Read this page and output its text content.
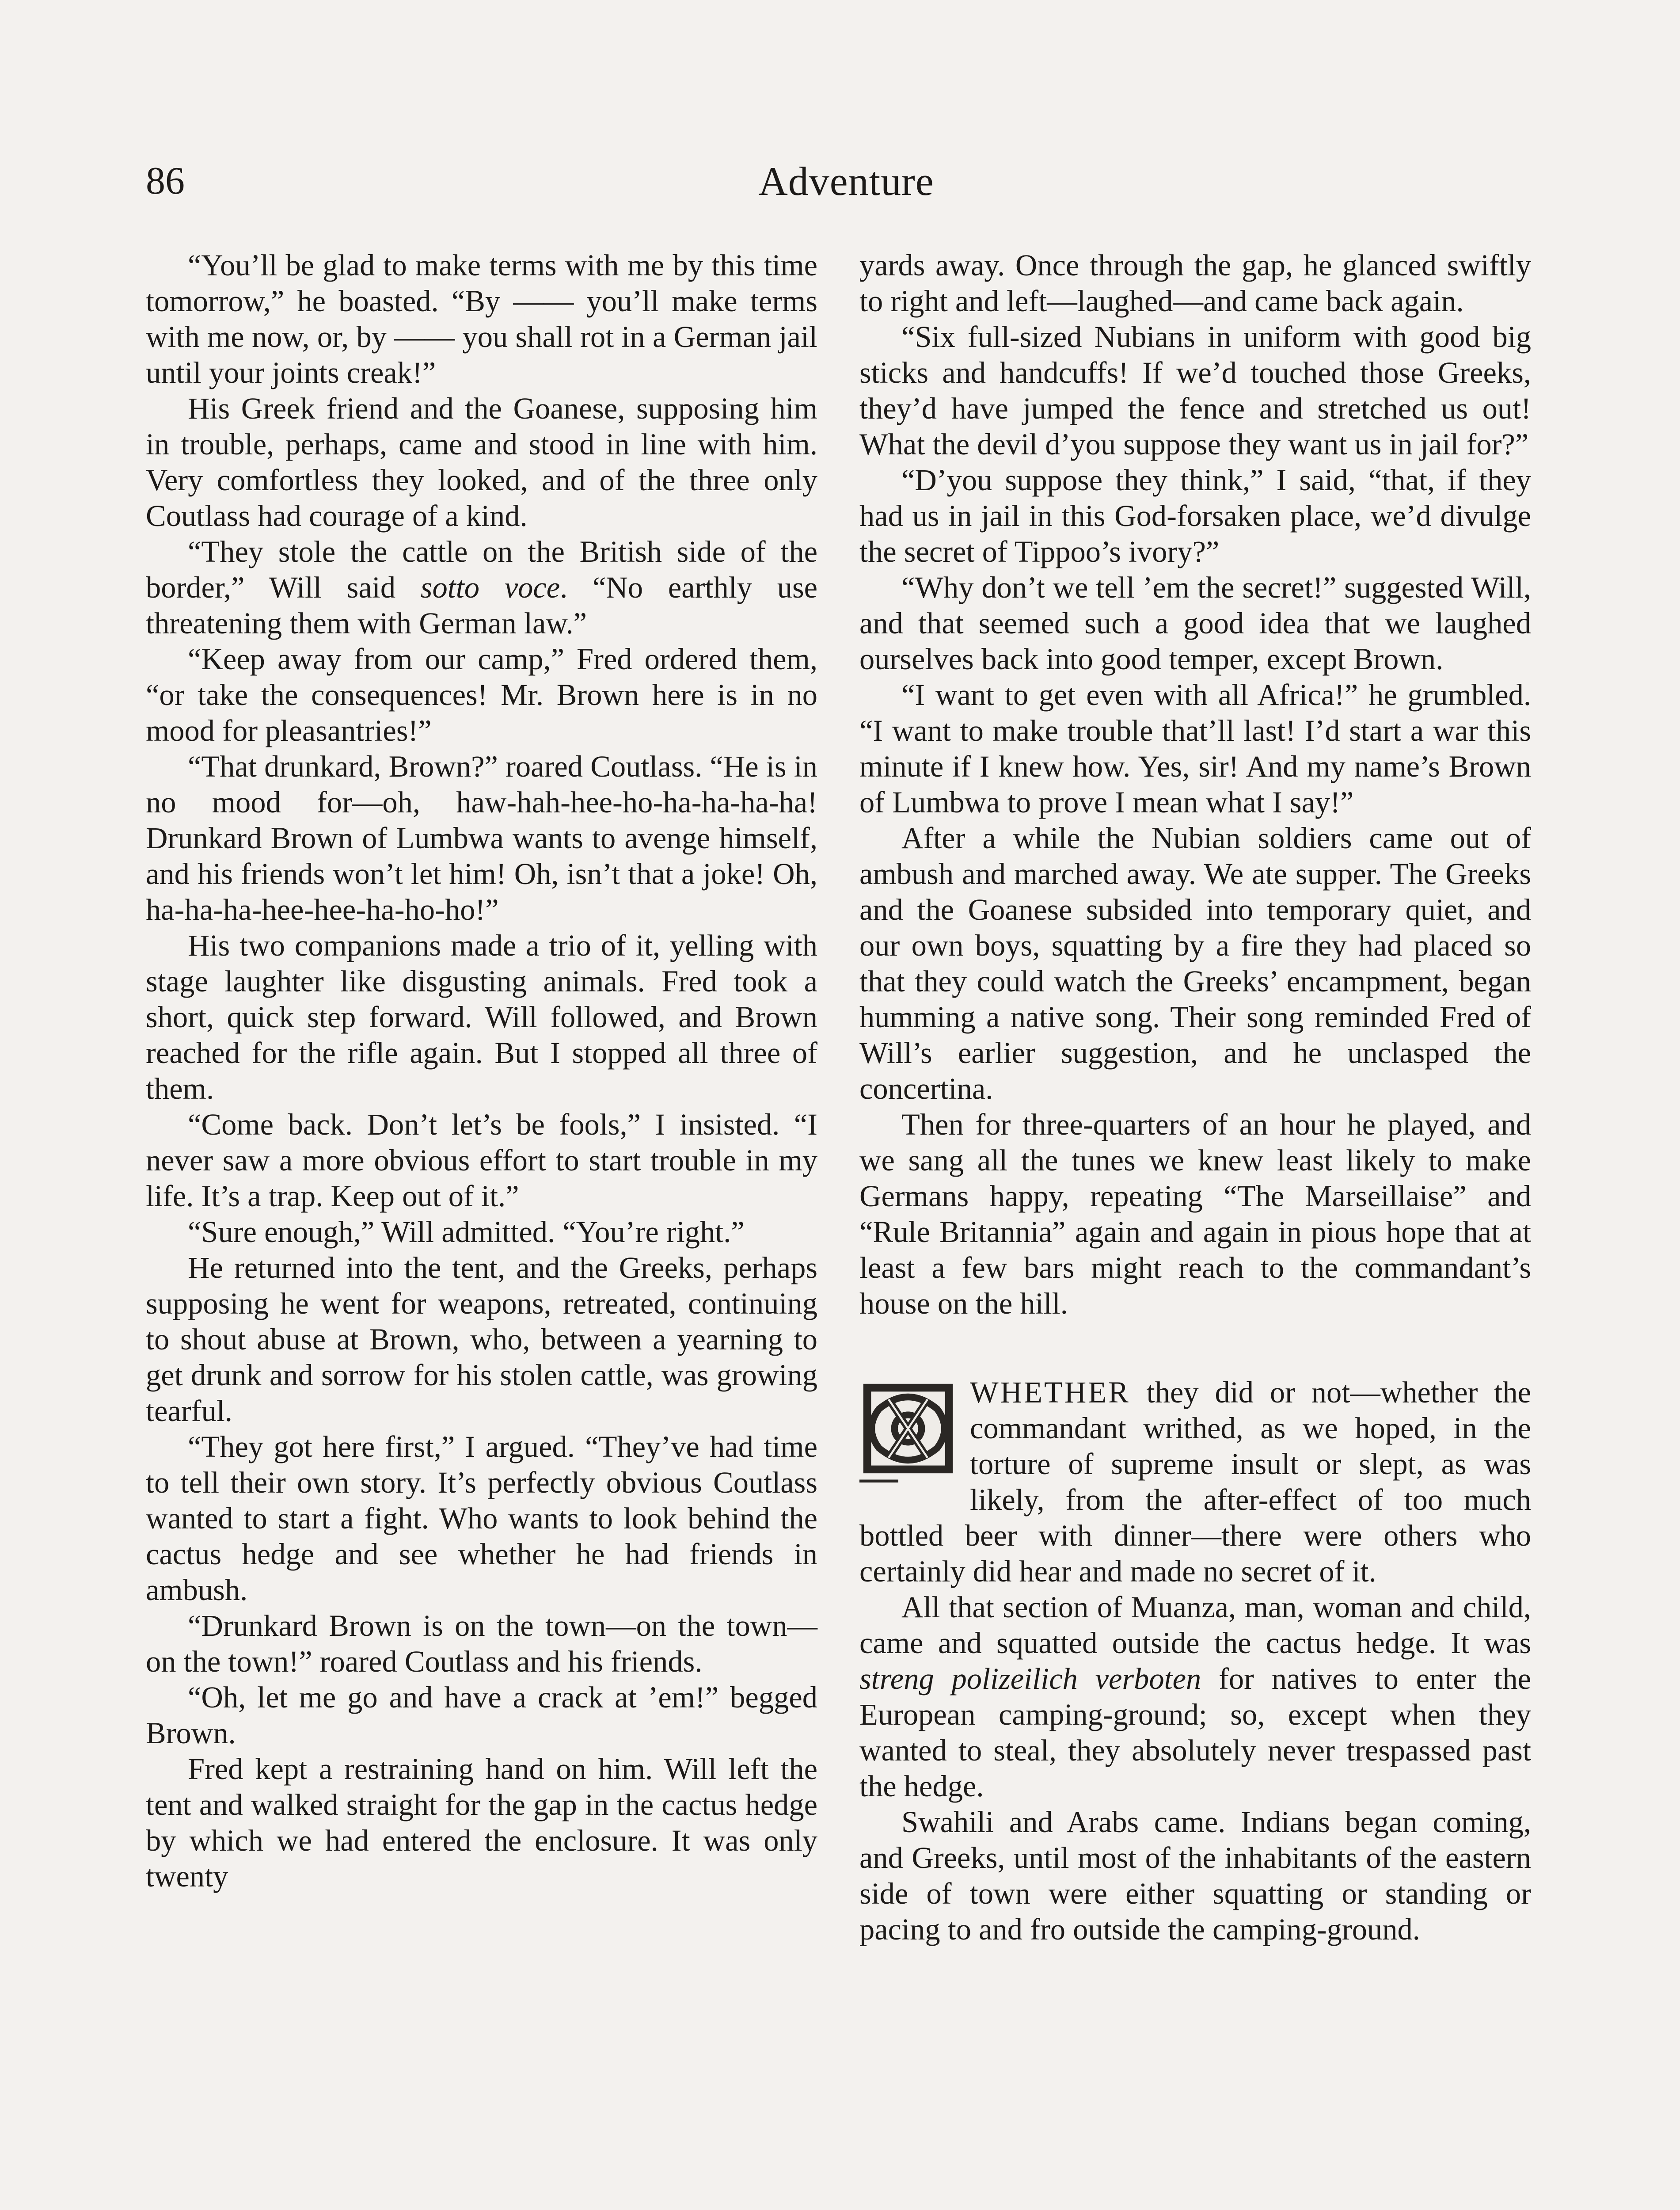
86	Adventure

“You’ll be glad to make terms with me by this time tomorrow,” he boasted. “By —— you’ll make terms with me now, or, by —— you shall rot in a German jail until your joints creak!”

His Greek friend and the Goanese, supposing him in trouble, perhaps, came and stood in line with him. Very comfortless they looked, and of the three only Coutlass had courage of a kind.

“They stole the cattle on the British side of the border,” Will said sotto voce. “No earthly use threatening them with German law.”

“Keep away from our camp,” Fred ordered them, “or take the consequences! Mr. Brown here is in no mood for pleasantries!”

“That drunkard, Brown?” roared Coutlass. “He is in no mood for—oh, haw-hah-hee-ho-ha-ha-ha-ha! Drunkard Brown of Lumbwa wants to avenge himself, and his friends won’t let him! Oh, isn’t that a joke! Oh, ha-ha-ha-hee-hee-ha-ho-ho!”

His two companions made a trio of it, yelling with stage laughter like disgusting animals. Fred took a short, quick step forward. Will followed, and Brown reached for the rifle again. But I stopped all three of them.

“Come back. Don’t let’s be fools,” I insisted. “I never saw a more obvious effort to start trouble in my life. It’s a trap. Keep out of it.”

“Sure enough,” Will admitted. “You’re right.”

He returned into the tent, and the Greeks, perhaps supposing he went for weapons, retreated, continuing to shout abuse at Brown, who, between a yearning to get drunk and sorrow for his stolen cattle, was growing tearful.

“They got here first,” I argued. “They’ve had time to tell their own story. It’s perfectly obvious Coutlass wanted to start a fight. Who wants to look behind the cactus hedge and see whether he had friends in ambush.

“Drunkard Brown is on the town—on the town—on the town!” roared Coutlass and his friends.

“Oh, let me go and have a crack at ’em!” begged Brown.

Fred kept a restraining hand on him. Will left the tent and walked straight for the gap in the cactus hedge by which we had entered the enclosure. It was only twenty

yards away. Once through the gap, he glanced swiftly to right and left—laughed—and came back again.

“Six full-sized Nubians in uniform with good big sticks and handcuffs! If we’d touched those Greeks, they’d have jumped the fence and stretched us out! What the devil d’you suppose they want us in jail for?”

“D’you suppose they think,” I said, “that, if they had us in jail in this God-forsaken place, we’d divulge the secret of Tippoo’s ivory?”

“Why don’t we tell ’em the secret!” suggested Will, and that seemed such a good idea that we laughed ourselves back into good temper, except Brown.

“I want to get even with all Africa!” he grumbled. “I want to make trouble that’ll last! I’d start a war this minute if I knew how. Yes, sir! And my name’s Brown of Lumbwa to prove I mean what I say!”

After a while the Nubian soldiers came out of ambush and marched away. We ate supper. The Greeks and the Goanese subsided into temporary quiet, and our own boys, squatting by a fire they had placed so that they could watch the Greeks’ encampment, began humming a native song. Their song reminded Fred of Will’s earlier suggestion, and he unclasped the concertina.

Then for three-quarters of an hour he played, and we sang all the tunes we knew least likely to make Germans happy, repeating “The Marseillaise” and “Rule Britannia” again and again in pious hope that at least a few bars might reach to the commandant’s house on the hill.

WHETHER they did or not—whether the commandant writhed, as we hoped, in the torture of supreme insult or slept, as was likely, from the after-effect of too much bottled beer with dinner—there were others who certainly did hear and made no secret of it.

All that section of Muanza, man, woman and child, came and squatted outside the cactus hedge. It was streng polizeilich verboten for natives to enter the European camping-ground; so, except when they wanted to steal, they absolutely never trespassed past the hedge.

Swahili and Arabs came. Indians began coming, and Greeks, until most of the inhabitants of the eastern side of town were either squatting or standing or pacing to and fro outside the camping-ground.
